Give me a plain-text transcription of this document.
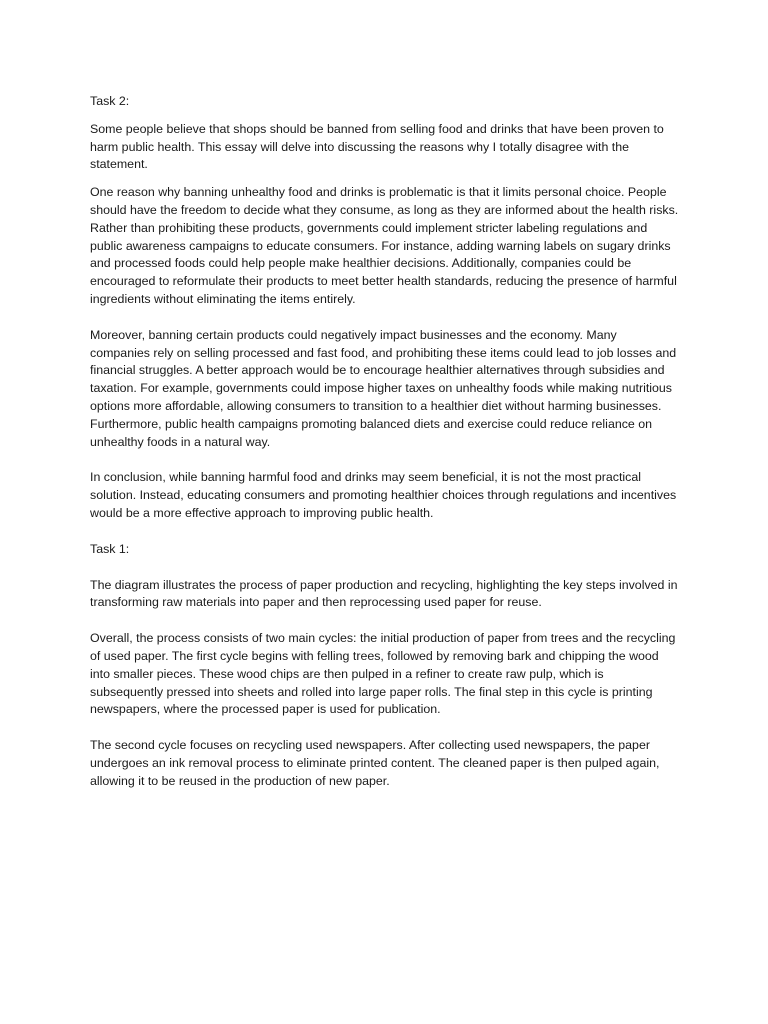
Task 2:

Some people believe that shops should be banned from selling food and drinks that have been proven to harm public health. This essay will delve into discussing the reasons why I totally disagree with the statement.

One reason why banning unhealthy food and drinks is problematic is that it limits personal choice. People should have the freedom to decide what they consume, as long as they are informed about the health risks. Rather than prohibiting these products, governments could implement stricter labeling regulations and public awareness campaigns to educate consumers. For instance, adding warning labels on sugary drinks and processed foods could help people make healthier decisions. Additionally, companies could be encouraged to reformulate their products to meet better health standards, reducing the presence of harmful ingredients without eliminating the items entirely.

Moreover, banning certain products could negatively impact businesses and the economy. Many companies rely on selling processed and fast food, and prohibiting these items could lead to job losses and financial struggles. A better approach would be to encourage healthier alternatives through subsidies and taxation. For example, governments could impose higher taxes on unhealthy foods while making nutritious options more affordable, allowing consumers to transition to a healthier diet without harming businesses. Furthermore, public health campaigns promoting balanced diets and exercise could reduce reliance on unhealthy foods in a natural way.

In conclusion, while banning harmful food and drinks may seem beneficial, it is not the most practical solution. Instead, educating consumers and promoting healthier choices through regulations and incentives would be a more effective approach to improving public health.

Task 1:

The diagram illustrates the process of paper production and recycling, highlighting the key steps involved in transforming raw materials into paper and then reprocessing used paper for reuse.

Overall, the process consists of two main cycles: the initial production of paper from trees and the recycling of used paper. The first cycle begins with felling trees, followed by removing bark and chipping the wood into smaller pieces. These wood chips are then pulped in a refiner to create raw pulp, which is subsequently pressed into sheets and rolled into large paper rolls. The final step in this cycle is printing newspapers, where the processed paper is used for publication.

The second cycle focuses on recycling used newspapers. After collecting used newspapers, the paper undergoes an ink removal process to eliminate printed content. The cleaned paper is then pulped again, allowing it to be reused in the production of new paper.
